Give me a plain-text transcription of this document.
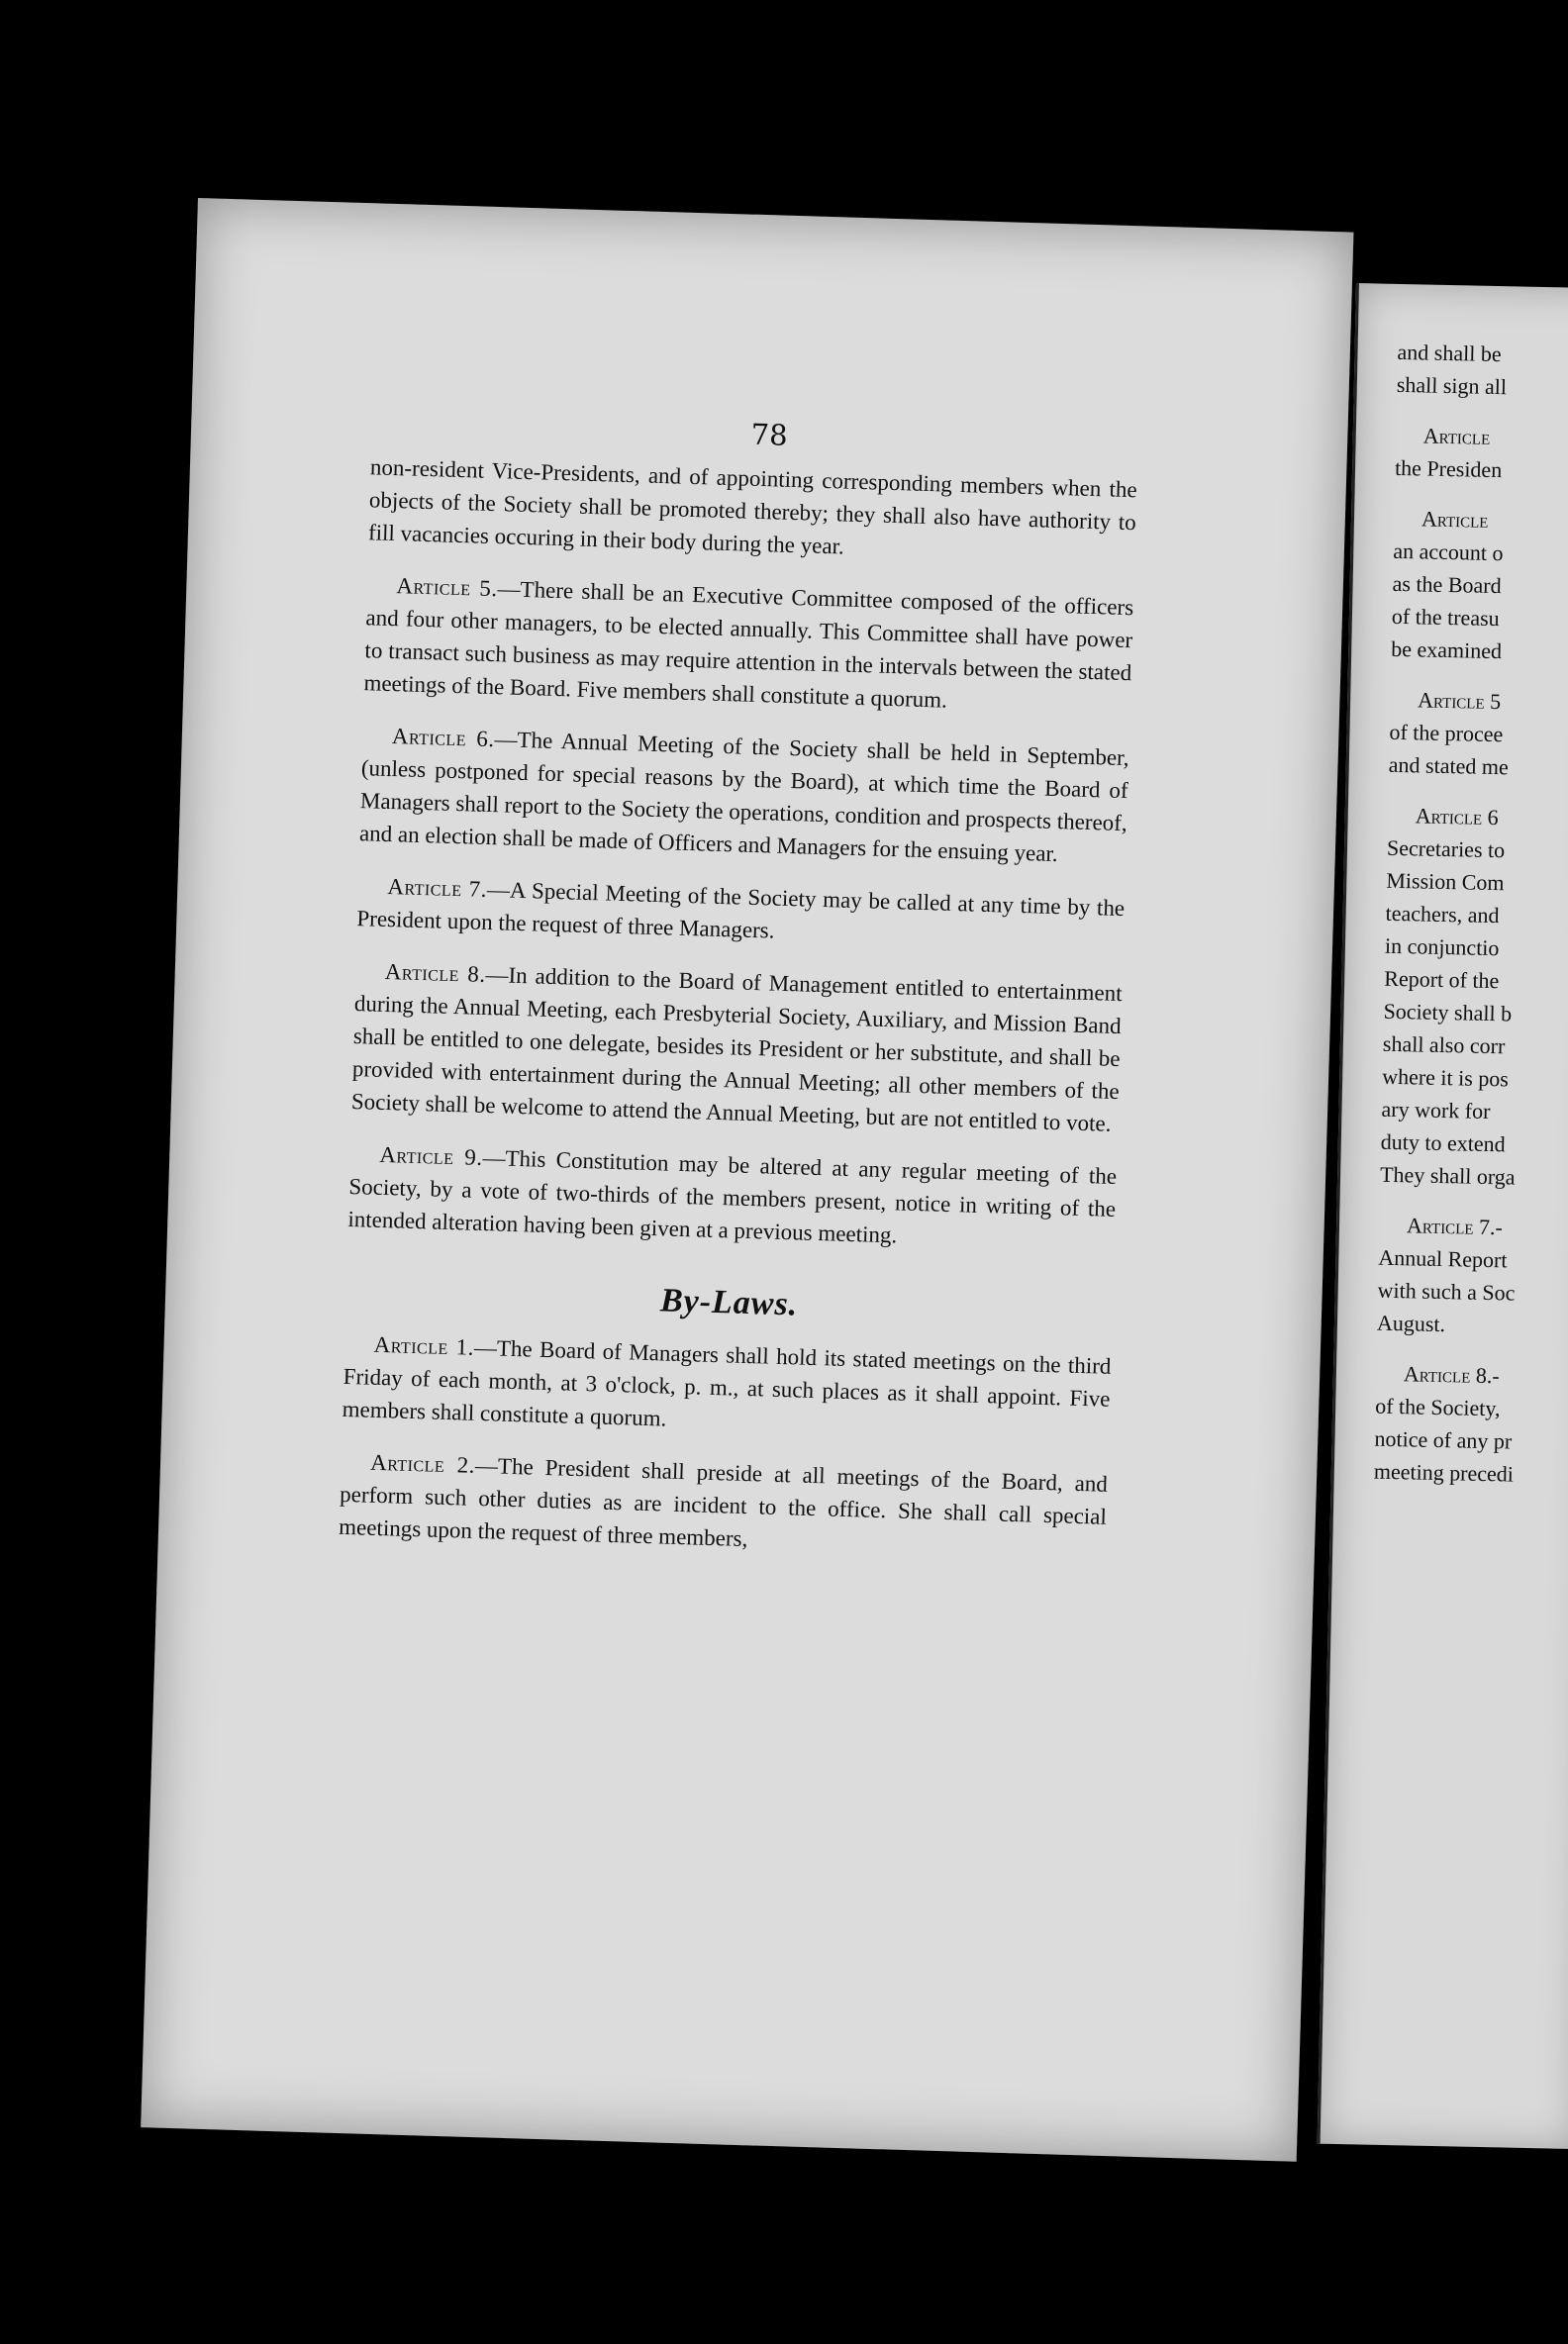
78

non-resident Vice-Presidents, and of appointing corresponding members when the objects of the Society shall be promoted thereby; they shall also have authority to fill vacancies occuring in their body during the year.

Article 5.—There shall be an Executive Committee composed of the officers and four other managers, to be elected annually. This Committee shall have power to transact such business as may require attention in the intervals between the stated meetings of the Board. Five members shall constitute a quorum.

Article 6.—The Annual Meeting of the Society shall be held in September, (unless postponed for special reasons by the Board), at which time the Board of Managers shall report to the Society the operations, condition and prospects thereof, and an election shall be made of Officers and Managers for the ensuing year.

Article 7.—A Special Meeting of the Society may be called at any time by the President upon the request of three Managers.

Article 8.—In addition to the Board of Management entitled to entertainment during the Annual Meeting, each Presbyterial Society, Auxiliary, and Mission Band shall be entitled to one delegate, besides its President or her substitute, and shall be provided with entertainment during the Annual Meeting; all other members of the Society shall be welcome to attend the Annual Meeting, but are not entitled to vote.

Article 9.—This Constitution may be altered at any regular meeting of the Society, by a vote of two-thirds of the members present, notice in writing of the intended alteration having been given at a previous meeting.

By-Laws.

Article 1.—The Board of Managers shall hold its stated meetings on the third Friday of each month, at 3 o'clock, p. m., at such places as it shall appoint. Five members shall constitute a quorum.

Article 2.—The President shall preside at all meetings of the Board, and perform such other duties as are incident to the office. She shall call special meetings upon the request of three members,

and shall be
shall sign all
Article
the Presiden
Article
an account o
as the Board
of the treasu
be examined
Article 5
of the procee
and stated me
Article 6
Secretaries to
Mission Com
teachers, and
in conjunctio
Report of the
Society shall b
shall also corr
where it is pos
ary work for
duty to extend
They shall orga
Article 7.-
Annual Report
with such a Soc
August.
Article 8.-
of the Society,
notice of any pr
meeting precedi
